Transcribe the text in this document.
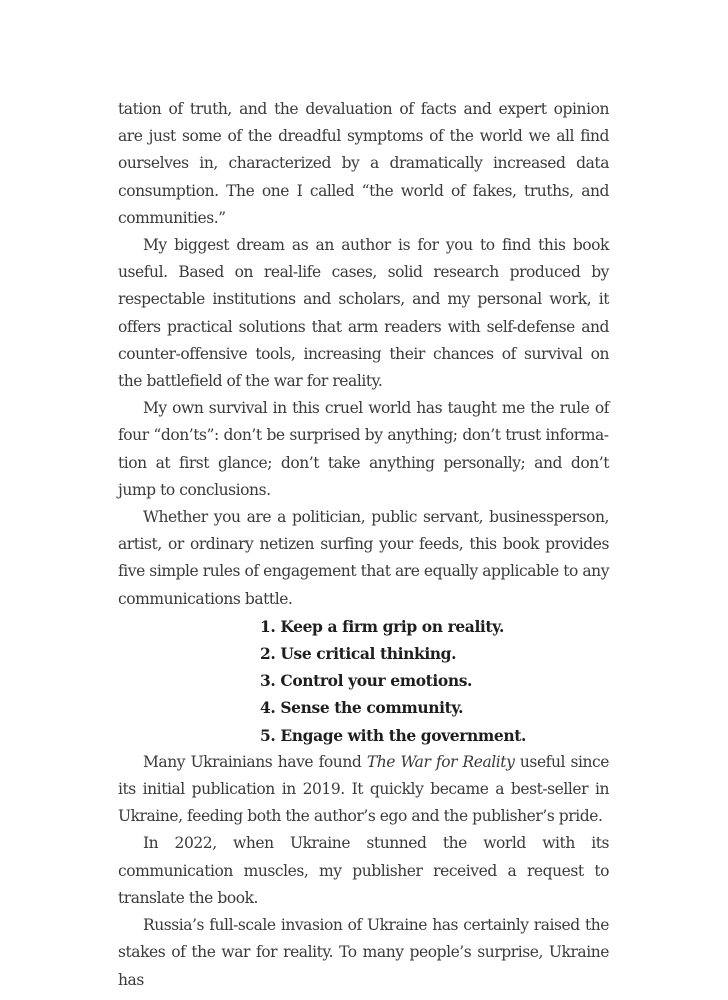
tation of truth, and the devaluation of facts and expert opinion are just some of the dreadful symptoms of the world we all find ourselves in, characterized by a dramatically increased data consumption. The one I called “the world of fakes, truths, and communities.”

My biggest dream as an author is for you to find this book useful. Based on real-life cases, solid research produced by respectable institutions and scholars, and my personal work, it offers practical solutions that arm readers with self-defense and counter-offensive tools, increasing their chances of survival on the battlefield of the war for reality.

My own survival in this cruel world has taught me the rule of four “don’ts”: don’t be surprised by anything; don’t trust information at first glance; don’t take anything personally; and don’t jump to conclusions.

Whether you are a politician, public servant, businessperson, artist, or ordinary netizen surfing your feeds, this book provides five simple rules of engagement that are equally applicable to any communications battle.

1. Keep a firm grip on reality.
2. Use critical thinking.
3. Control your emotions.
4. Sense the community.
5. Engage with the government.

Many Ukrainians have found The War for Reality useful since its initial publication in 2019. It quickly became a best-seller in Ukraine, feeding both the author’s ego and the publisher’s pride.

In 2022, when Ukraine stunned the world with its communication muscles, my publisher received a request to translate the book.

Russia’s full-scale invasion of Ukraine has certainly raised the stakes of the war for reality. To many people’s surprise, Ukraine has
